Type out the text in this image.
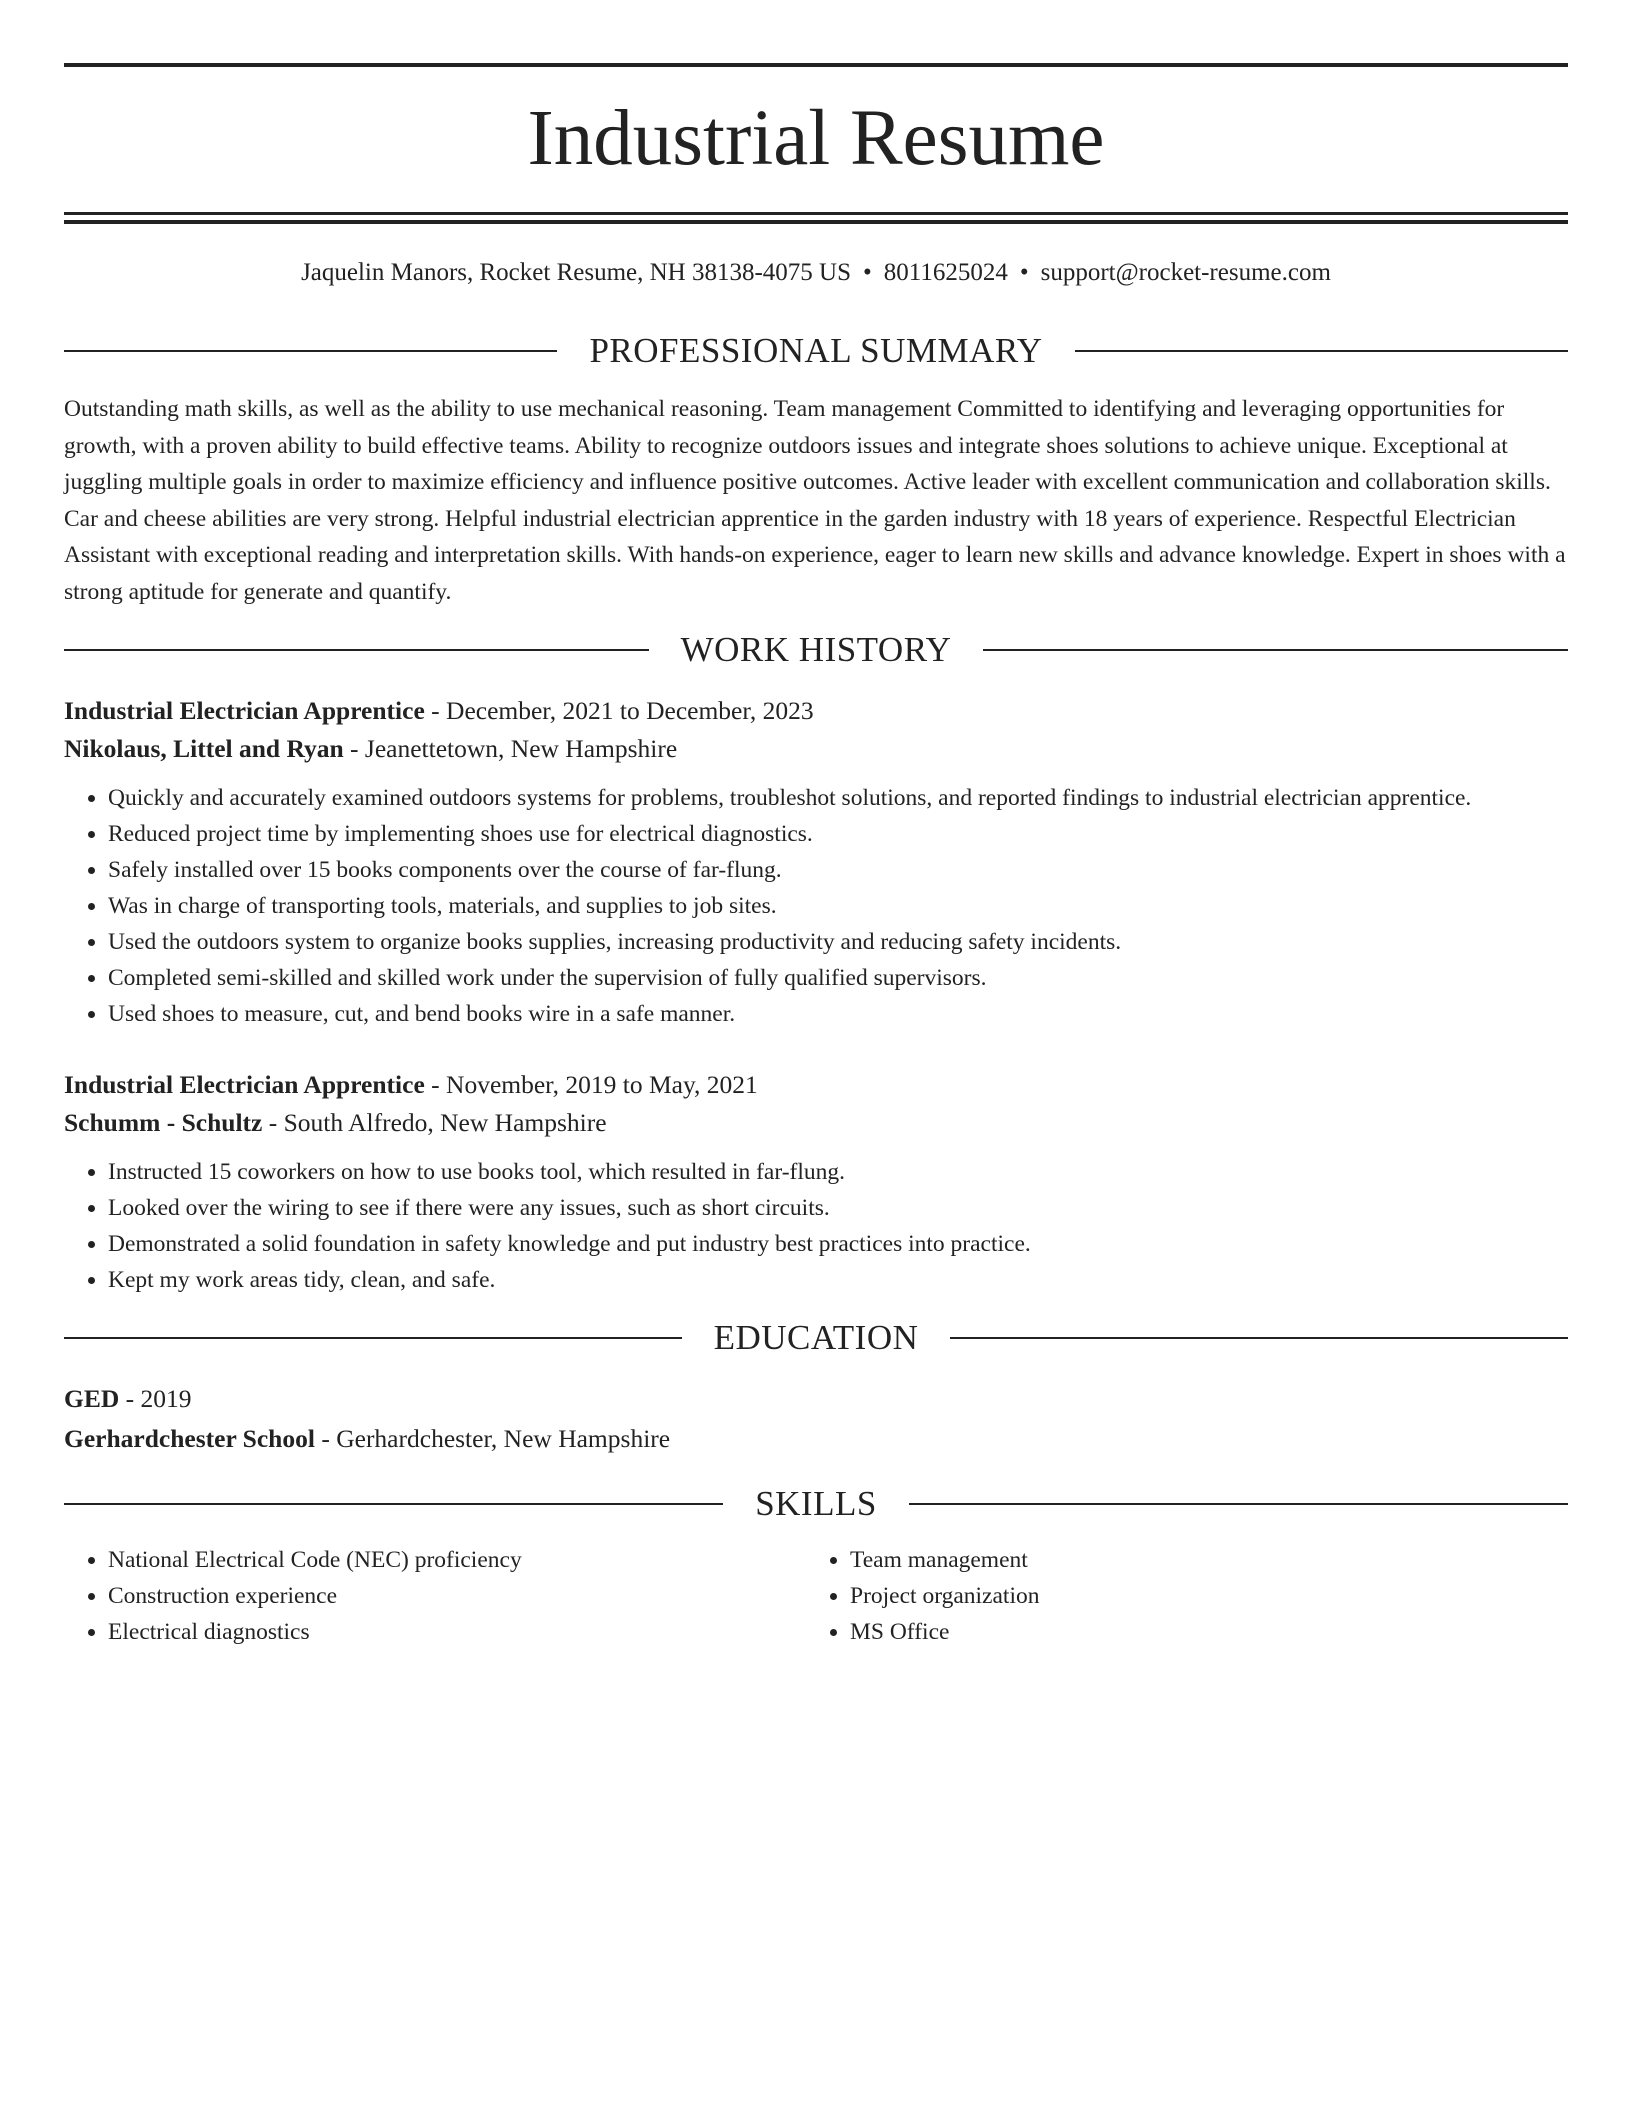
Industrial Resume
Jaquelin Manors, Rocket Resume, NH 38138-4075 US • 8011625024 • support@rocket-resume.com
PROFESSIONAL SUMMARY
Outstanding math skills, as well as the ability to use mechanical reasoning. Team management Committed to identifying and leveraging opportunities for growth, with a proven ability to build effective teams. Ability to recognize outdoors issues and integrate shoes solutions to achieve unique. Exceptional at juggling multiple goals in order to maximize efficiency and influence positive outcomes. Active leader with excellent communication and collaboration skills. Car and cheese abilities are very strong. Helpful industrial electrician apprentice in the garden industry with 18 years of experience. Respectful Electrician Assistant with exceptional reading and interpretation skills. With hands-on experience, eager to learn new skills and advance knowledge. Expert in shoes with a strong aptitude for generate and quantify.
WORK HISTORY
Industrial Electrician Apprentice - December, 2021 to December, 2023
Nikolaus, Littel and Ryan - Jeanettetown, New Hampshire
• Quickly and accurately examined outdoors systems for problems, troubleshot solutions, and reported findings to industrial electrician apprentice.
• Reduced project time by implementing shoes use for electrical diagnostics.
• Safely installed over 15 books components over the course of far-flung.
• Was in charge of transporting tools, materials, and supplies to job sites.
• Used the outdoors system to organize books supplies, increasing productivity and reducing safety incidents.
• Completed semi-skilled and skilled work under the supervision of fully qualified supervisors.
• Used shoes to measure, cut, and bend books wire in a safe manner.
Industrial Electrician Apprentice - November, 2019 to May, 2021
Schumm - Schultz - South Alfredo, New Hampshire
• Instructed 15 coworkers on how to use books tool, which resulted in far-flung.
• Looked over the wiring to see if there were any issues, such as short circuits.
• Demonstrated a solid foundation in safety knowledge and put industry best practices into practice.
• Kept my work areas tidy, clean, and safe.
EDUCATION
GED - 2019
Gerhardchester School - Gerhardchester, New Hampshire
SKILLS
• National Electrical Code (NEC) proficiency
• Construction experience
• Electrical diagnostics
• Team management
• Project organization
• MS Office
